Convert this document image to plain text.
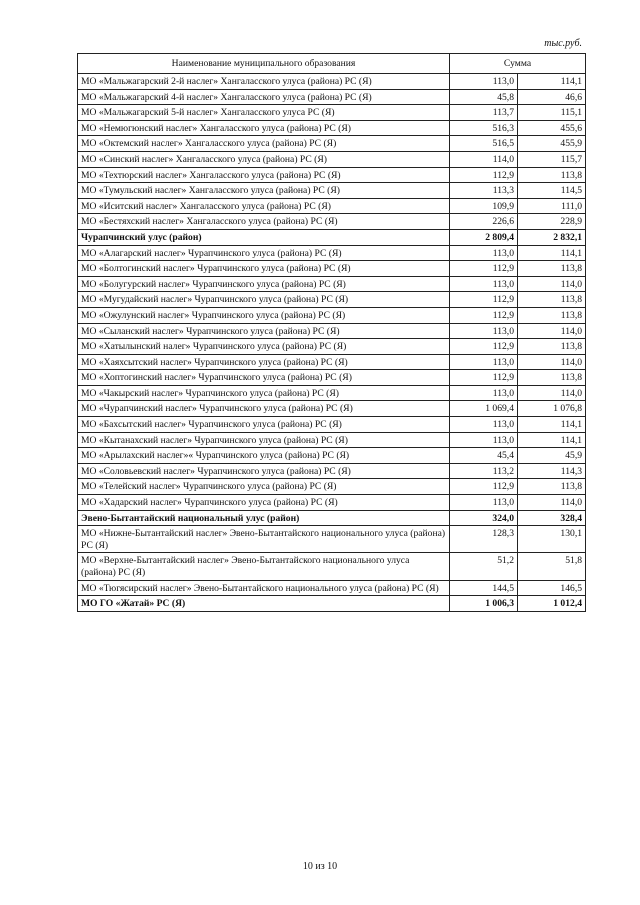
тыс.руб.
Наименование муниципального образования	Сумма	
МО «Мальжагарский 2-й наслег» Хангаласского улуса (района) РС (Я)	113,0	114,1
МО «Мальжагарский 4-й наслег» Хангаласского улуса (района) РС (Я)	45,8	46,6
МО «Мальжагарский 5-й наслег» Хангаласского улуса РС (Я)	113,7	115,1
МО «Немюгюнский наслег» Хангаласского улуса (района) РС (Я)	516,3	455,6
МО «Октемский наслег» Хангаласского улуса (района) РС (Я)	516,5	455,9
МО «Синский наслег» Хангаласского улуса (района) РС (Я)	114,0	115,7
МО «Техтюрский наслег» Хангаласского улуса (района) РС (Я)	112,9	113,8
МО «Тумульский наслег» Хангаласского улуса (района) РС (Я)	113,3	114,5
МО «Иситский наслег» Хангаласского улуса (района) РС (Я)	109,9	111,0
МО «Бестяхский наслег» Хангаласского улуса (района) РС (Я)	226,6	228,9
Чурапчинский улус (район)	2 809,4	2 832,1
МО «Алагарский наслег» Чурапчинского улуса (района) РС (Я)	113,0	114,1
МО «Болтогинский наслег» Чурапчинского улуса (района) РС (Я)	112,9	113,8
МО «Болугурский наслег» Чурапчинского улуса (района) РС (Я)	113,0	114,0
МО «Мугудайский наслег» Чурапчинского улуса (района) РС (Я)	112,9	113,8
МО «Ожулунский наслег» Чурапчинского улуса (района) РС (Я)	112,9	113,8
МО «Сыланский наслег» Чурапчинского улуса (района) РС (Я)	113,0	114,0
МО «Хатылынский налег» Чурапчинского улуса (района) РС (Я)	112,9	113,8
МО «Хаяхсытский наслег» Чурапчинского улуса (района) РС (Я)	113,0	114,0
МО «Хоптогинский наслег» Чурапчинского улуса (района) РС (Я)	112,9	113,8
МО «Чакырский наслег» Чурапчинского улуса (района) РС (Я)	113,0	114,0
МО «Чурапчинский наслег» Чурапчинского улуса (района) РС (Я)	1 069,4	1 076,8
МО «Бахсытский наслег» Чурапчинского улуса (района) РС (Я)	113,0	114,1
МО «Кытанахский наслег» Чурапчинского улуса (района) РС (Я)	113,0	114,1
МО «Арылахский наслег»« Чурапчинского улуса (района) РС (Я)	45,4	45,9
МО «Соловьевский наслег» Чурапчинского улуса (района) РС (Я)	113,2	114,3
МО «Телейский наслег» Чурапчинского улуса (района) РС (Я)	112,9	113,8
МО «Хадарский наслег» Чурапчинского улуса (района) РС (Я)	113,0	114,0
Эвено-Бытантайский национальный улус (район)	324,0	328,4
МО «Нижне-Бытантайский наслег» Эвено-Бытантайского национального улуса (района) РС (Я)	128,3	130,1
МО «Верхне-Бытантайский наслег» Эвено-Бытантайского национального улуса (района) РС (Я)	51,2	51,8
МО «Тюгясирский наслег» Эвено-Бытантайского национального улуса (района) РС (Я)	144,5	146,5
МО ГО «Жатай» РС (Я)	1 006,3	1 012,4
10 из 10
